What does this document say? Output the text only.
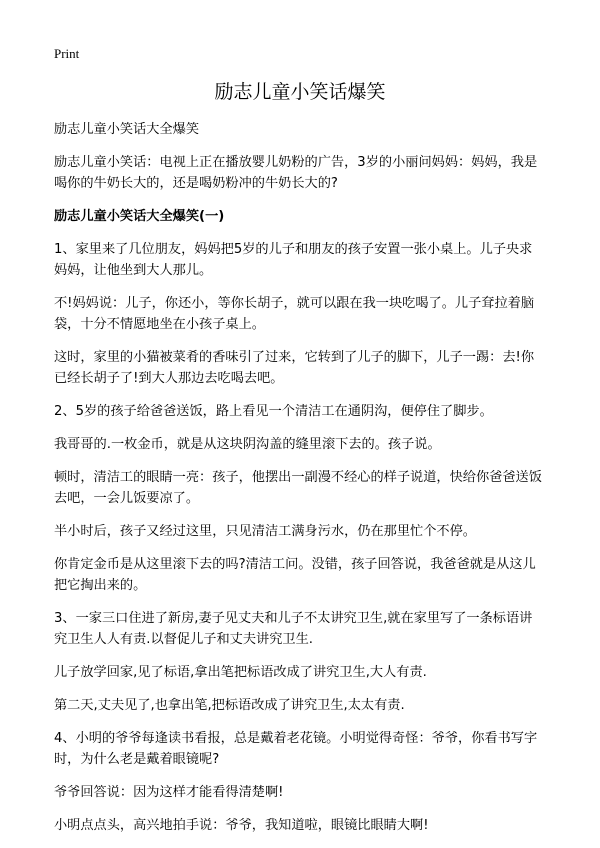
Print
励志儿童小笑话爆笑

励志儿童小笑话大全爆笑

励志儿童小笑话：电视上正在播放婴儿奶粉的广告，3岁的小丽问妈妈：妈妈，我是喝你的牛奶长大的，还是喝奶粉冲的牛奶长大的?

励志儿童小笑话大全爆笑(一)

1、家里来了几位朋友，妈妈把5岁的儿子和朋友的孩子安置一张小桌上。儿子央求妈妈，让他坐到大人那儿。

不!妈妈说：儿子，你还小，等你长胡子，就可以跟在我一块吃喝了。儿子耷拉着脑袋，十分不情愿地坐在小孩子桌上。

这时，家里的小猫被菜肴的香味引了过来，它转到了儿子的脚下，儿子一踢：去!你已经长胡子了!到大人那边去吃喝去吧。

2、5岁的孩子给爸爸送饭，路上看见一个清洁工在通阴沟，便停住了脚步。

我哥哥的.一枚金币，就是从这块阴沟盖的缝里滚下去的。孩子说。

顿时，清洁工的眼睛一亮：孩子，他摆出一副漫不经心的样子说道，快给你爸爸送饭去吧，一会儿饭要凉了。

半小时后，孩子又经过这里，只见清洁工满身污水，仍在那里忙个不停。

你肯定金币是从这里滚下去的吗?清洁工问。没错，孩子回答说，我爸爸就是从这儿把它掏出来的。

3、一家三口住进了新房,妻子见丈夫和儿子不太讲究卫生,就在家里写了一条标语讲究卫生人人有责.以督促儿子和丈夫讲究卫生.

儿子放学回家,见了标语,拿出笔把标语改成了讲究卫生,大人有责.

第二天,丈夫见了,也拿出笔,把标语改成了讲究卫生,太太有责.

4、小明的爷爷每逢读书看报，总是戴着老花镜。小明觉得奇怪：爷爷，你看书写字时，为什么老是戴着眼镜呢?

爷爷回答说：因为这样才能看得清楚啊!

小明点点头，高兴地拍手说：爷爷，我知道啦，眼镜比眼睛大啊!
